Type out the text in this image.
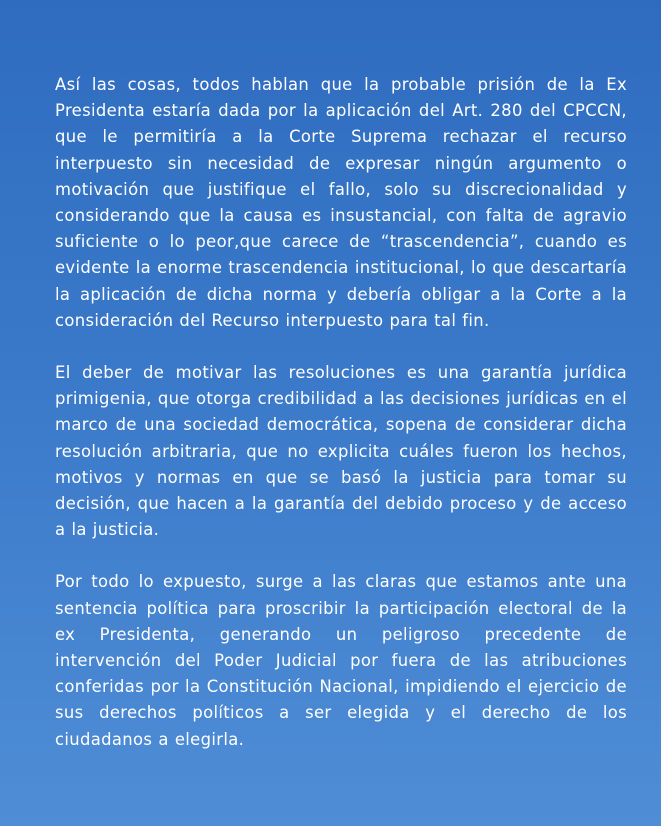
Así las cosas, todos hablan que la probable prisión de la Ex Presidenta estaría dada por la aplicación del Art. 280 del CPCCN, que le permitiría a la Corte Suprema rechazar el recurso interpuesto sin necesidad de expresar ningún argumento o motivación que justifique el fallo, solo su discrecionalidad y considerando que la causa es insustancial, con falta de agravio suficiente o lo peor,que carece de “trascendencia”, cuando es evidente la enorme trascendencia institucional, lo que descartaría la aplicación de dicha norma y debería obligar a la Corte a la consideración del Recurso interpuesto para tal fin.

El deber de motivar las resoluciones es una garantía jurídica primigenia, que otorga credibilidad a las decisiones jurídicas en el marco de una sociedad democrática, sopena de considerar dicha resolución arbitraria, que no explicita cuáles fueron los hechos, motivos y normas en que se basó la justicia para tomar su decisión, que hacen a la garantía del debido proceso y de acceso a la justicia.

Por todo lo expuesto, surge a las claras que estamos ante una sentencia política para proscribir la participación electoral de la ex Presidenta, generando un peligroso precedente de intervención del Poder Judicial por fuera de las atribuciones conferidas por la Constitución Nacional, impidiendo el ejercicio de sus derechos políticos a ser elegida y el derecho de los ciudadanos a elegirla.
